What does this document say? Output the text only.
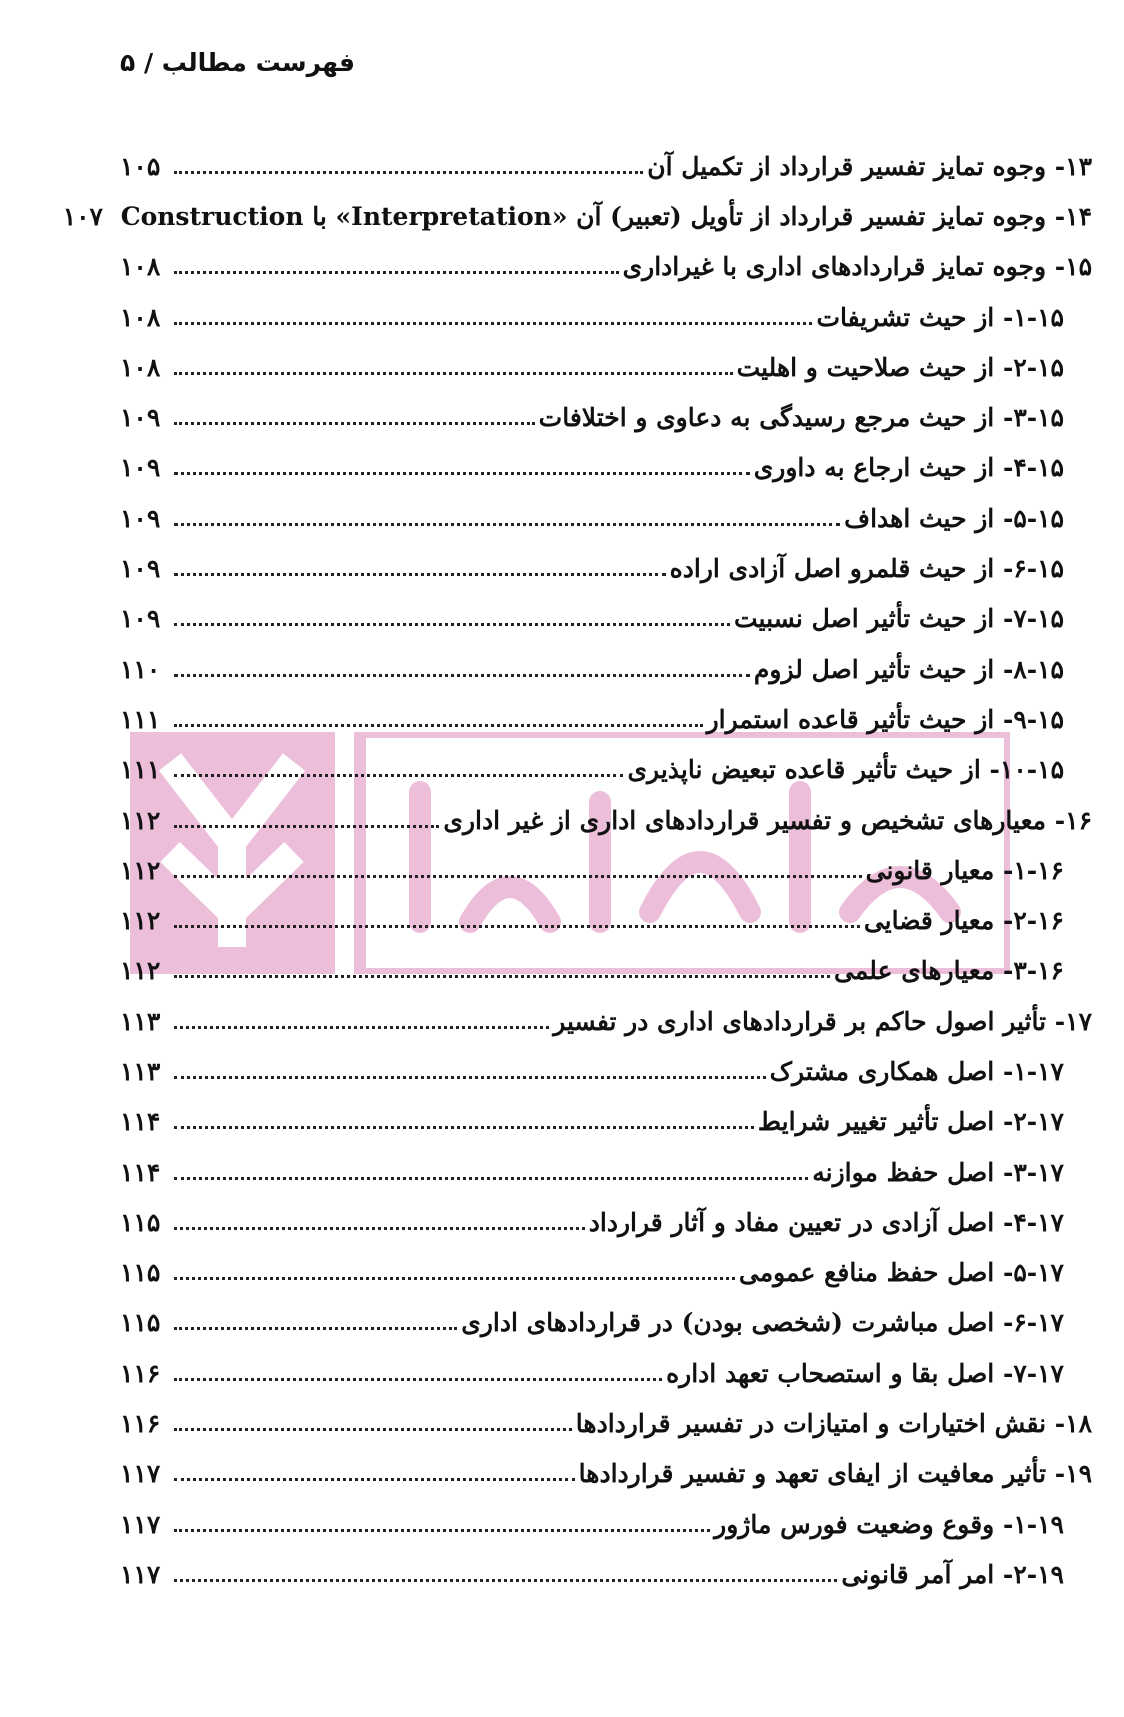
فهرست مطالب / ۵
۱۳- وجوه تمایز تفسیر قرارداد از تکمیل آن
۱۰۵
۱۴- وجوه تمایز تفسیر قرارداد از تأویل (تعبیر) آن «Interpretation» با Construction
۱۰۷
۱۵- وجوه تمایز قراردادهای اداری با غیراداری
۱۰۸
۱-۱۵- از حیث تشریفات
۱۰۸
۲-۱۵- از حیث صلاحیت و اهلیت
۱۰۸
۳-۱۵- از حیث مرجع رسیدگی به دعاوی و اختلافات
۱۰۹
۴-۱۵- از حیث ارجاع به داوری
۱۰۹
۵-۱۵- از حیث اهداف
۱۰۹
۶-۱۵- از حیث قلمرو اصل آزادی اراده
۱۰۹
۷-۱۵- از حیث تأثیر اصل نسبیت
۱۰۹
۸-۱۵- از حیث تأثیر اصل لزوم
۱۱۰
۹-۱۵- از حیث تأثیر قاعده استمرار
۱۱۱
۱۰-۱۵- از حیث تأثیر قاعده تبعیض ناپذیری
۱۱۱
۱۶- معیارهای تشخیص و تفسیر قراردادهای اداری از غیر اداری
۱۱۲
۱-۱۶- معیار قانونی
۱۱۲
۲-۱۶- معیار قضایی
۱۱۲
۳-۱۶- معیارهای علمی
۱۱۲
۱۷- تأثیر اصول حاکم بر قراردادهای اداری در تفسیر
۱۱۳
۱-۱۷- اصل همکاری مشترک
۱۱۳
۲-۱۷- اصل تأثیر تغییر شرایط
۱۱۴
۳-۱۷- اصل حفظ موازنه
۱۱۴
۴-۱۷- اصل آزادی در تعیین مفاد و آثار قرارداد
۱۱۵
۵-۱۷- اصل حفظ منافع عمومی
۱۱۵
۶-۱۷- اصل مباشرت (شخصی بودن) در قراردادهای اداری
۱۱۵
۷-۱۷- اصل بقا و استصحاب تعهد اداره
۱۱۶
۱۸- نقش اختیارات و امتیازات در تفسیر قراردادها
۱۱۶
۱۹- تأثیر معافیت از ایفای تعهد و تفسیر قراردادها
۱۱۷
۱-۱۹- وقوع وضعیت فورس ماژور
۱۱۷
۲-۱۹- امر آمر قانونی
۱۱۷
